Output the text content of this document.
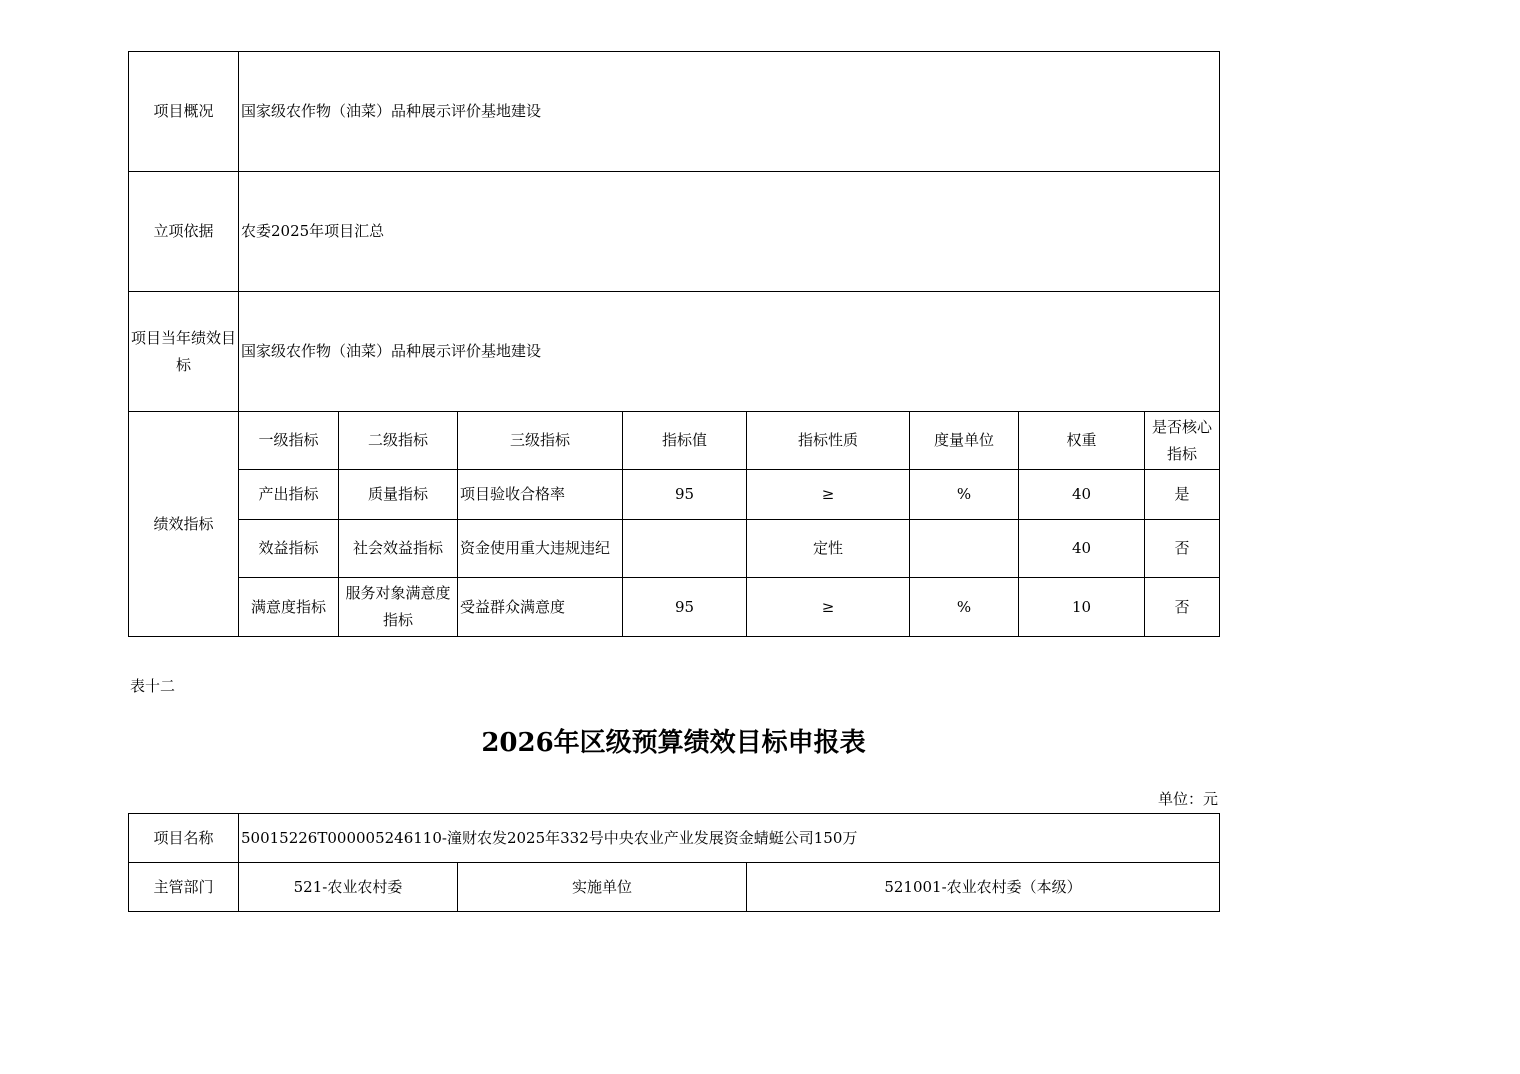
项目概况	国家级农作物（油菜）品种展示评价基地建设							
立项依据	农委2025年项目汇总							
项目当年绩效目标	国家级农作物（油菜）品种展示评价基地建设							
绩效指标	一级指标	二级指标	三级指标	指标值	指标性质	度量单位	权重	是否核心指标
	产出指标	质量指标	项目验收合格率	95	≥	%	40	是
	效益指标	社会效益指标	资金使用重大违规违纪		定性		40	否
	满意度指标	服务对象满意度指标	受益群众满意度	95	≥	%	10	否
表十二
2026年区级预算绩效目标申报表
单位：元
项目名称	50015226T000005246110-潼财农发2025年332号中央农业产业发展资金蜻蜓公司150万		
主管部门	521-农业农村委	实施单位	521001-农业农村委（本级）
